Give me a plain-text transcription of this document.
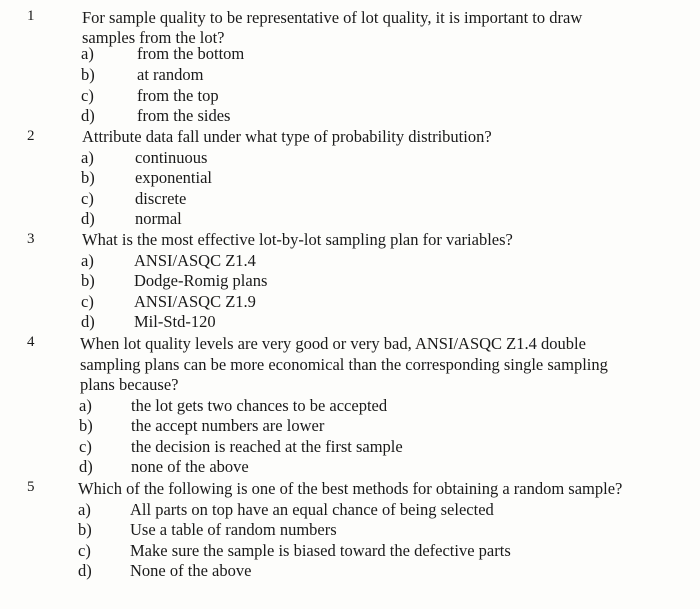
1	For sample quality to be representative of lot quality, it is important to draw
samples from the lot?
a)	from the bottom
b)	at random
c)	from the top
d)	from the sides
2	Attribute data fall under what type of probability distribution?
a) continuous
b) exponential
c) discrete
d) normal
3	What is the most effective lot-by-lot sampling plan for variables?
a) ANSI/ASQC Z1.4
b) Dodge-Romig plans
c) ANSI/ASQC Z1.9
d) Mil-Std-120
4	When lot quality levels are very good or very bad, ANSI/ASQC Z1.4 double
sampling plans can be more economical than the corresponding single sampling
plans because?
a) the lot gets two chances to be accepted
b) the accept numbers are lower
c) the decision is reached at the first sample
d) none of the above
5	Which of the following is one of the best methods for obtaining a random sample?
a) All parts on top have an equal chance of being selected
b) Use a table of random numbers
c) Make sure the sample is biased toward the defective parts
d) None of the above
